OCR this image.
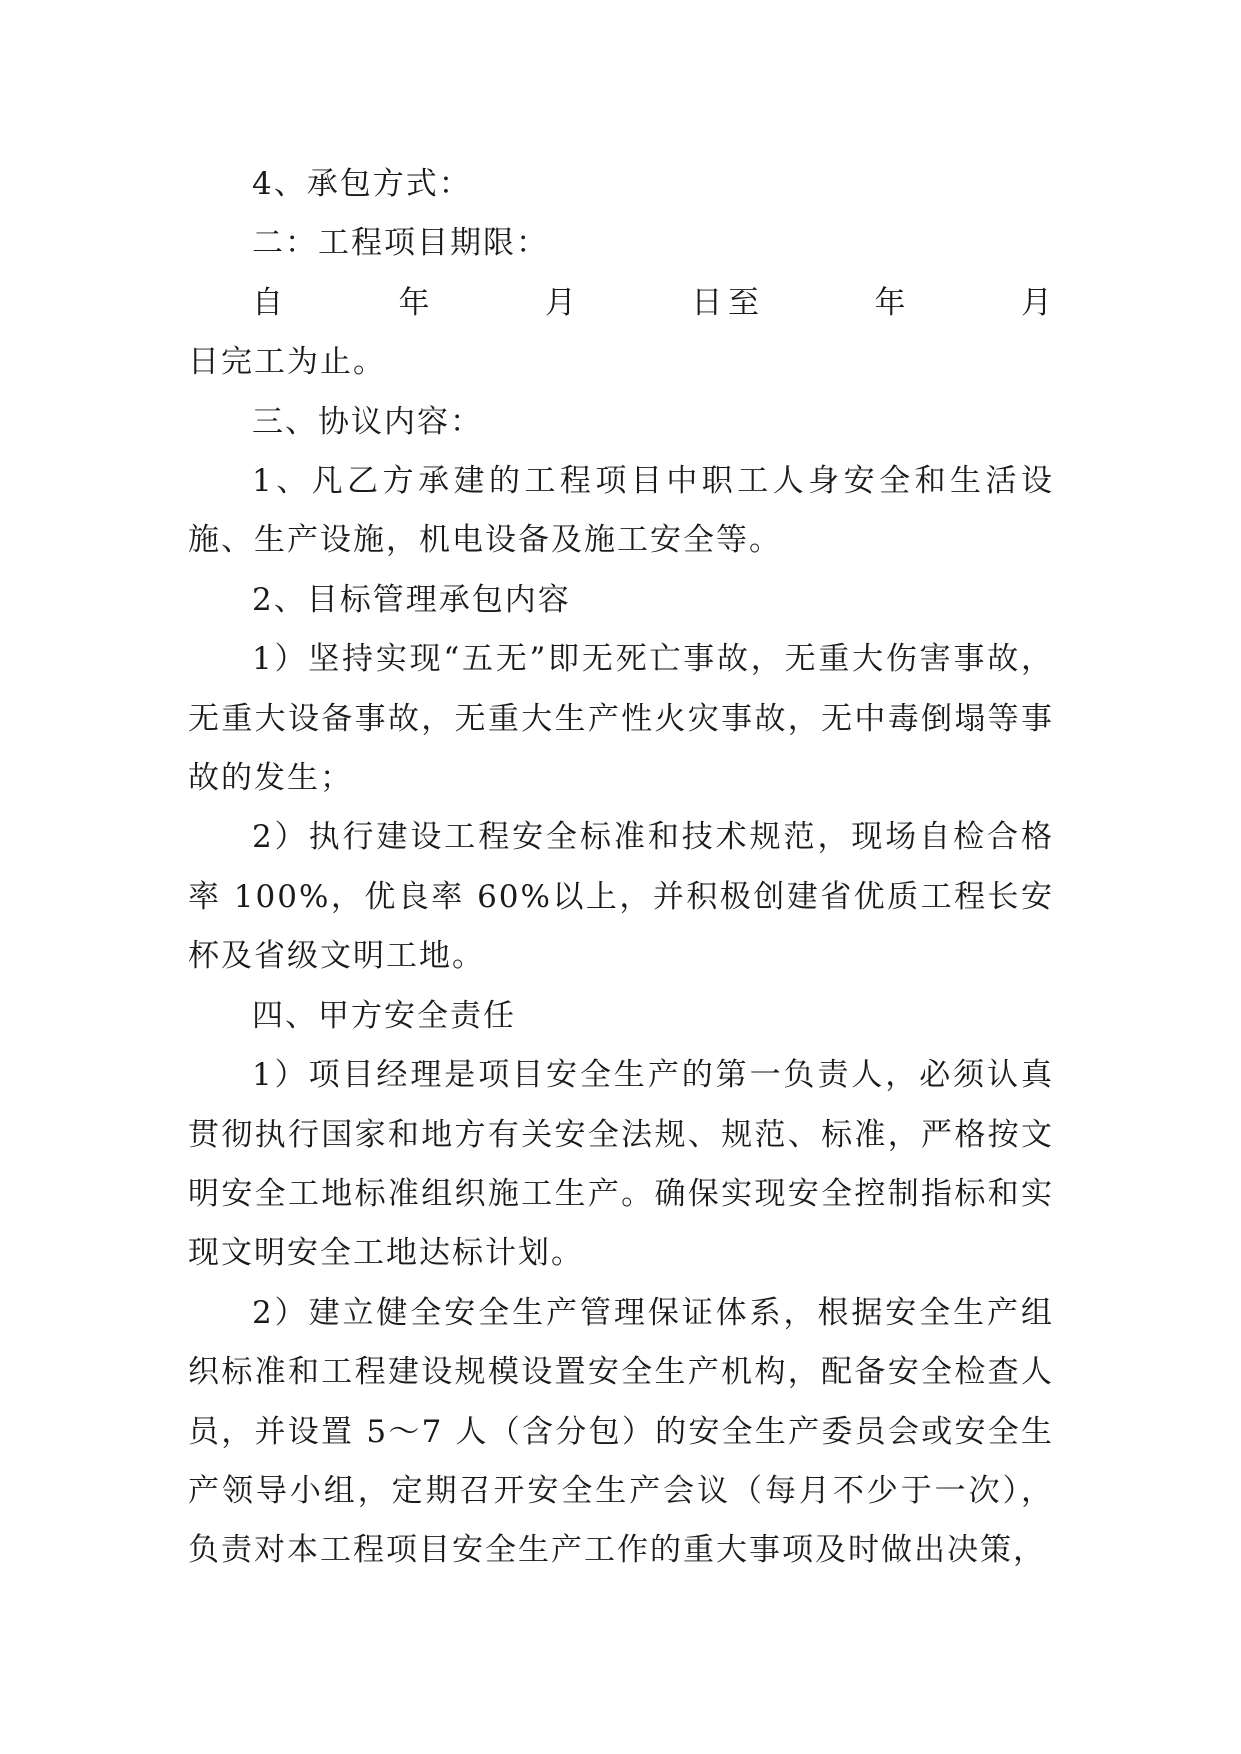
4、承包方式：

二：工程项目期限：

自　　　年　　　月　　　日至　　　年　　　月　　　日完工为止。

三、协议内容：

1、凡乙方承建的工程项目中职工人身安全和生活设施、生产设施，机电设备及施工安全等。

2、目标管理承包内容

1）坚持实现“五无”即无死亡事故，无重大伤害事故，无重大设备事故，无重大生产性火灾事故，无中毒倒塌等事故的发生；

2）执行建设工程安全标准和技术规范，现场自检合格率 100%，优良率 60%以上，并积极创建省优质工程长安杯及省级文明工地。

四、甲方安全责任

1）项目经理是项目安全生产的第一负责人，必须认真贯彻执行国家和地方有关安全法规、规范、标准，严格按文明安全工地标准组织施工生产。确保实现安全控制指标和实现文明安全工地达标计划。

2）建立健全安全生产管理保证体系，根据安全生产组织标准和工程建设规模设置安全生产机构，配备安全检查人员，并设置 5～7 人（含分包）的安全生产委员会或安全生产领导小组，定期召开安全生产会议（每月不少于一次），负责对本工程项目安全生产工作的重大事项及时做出决策，
